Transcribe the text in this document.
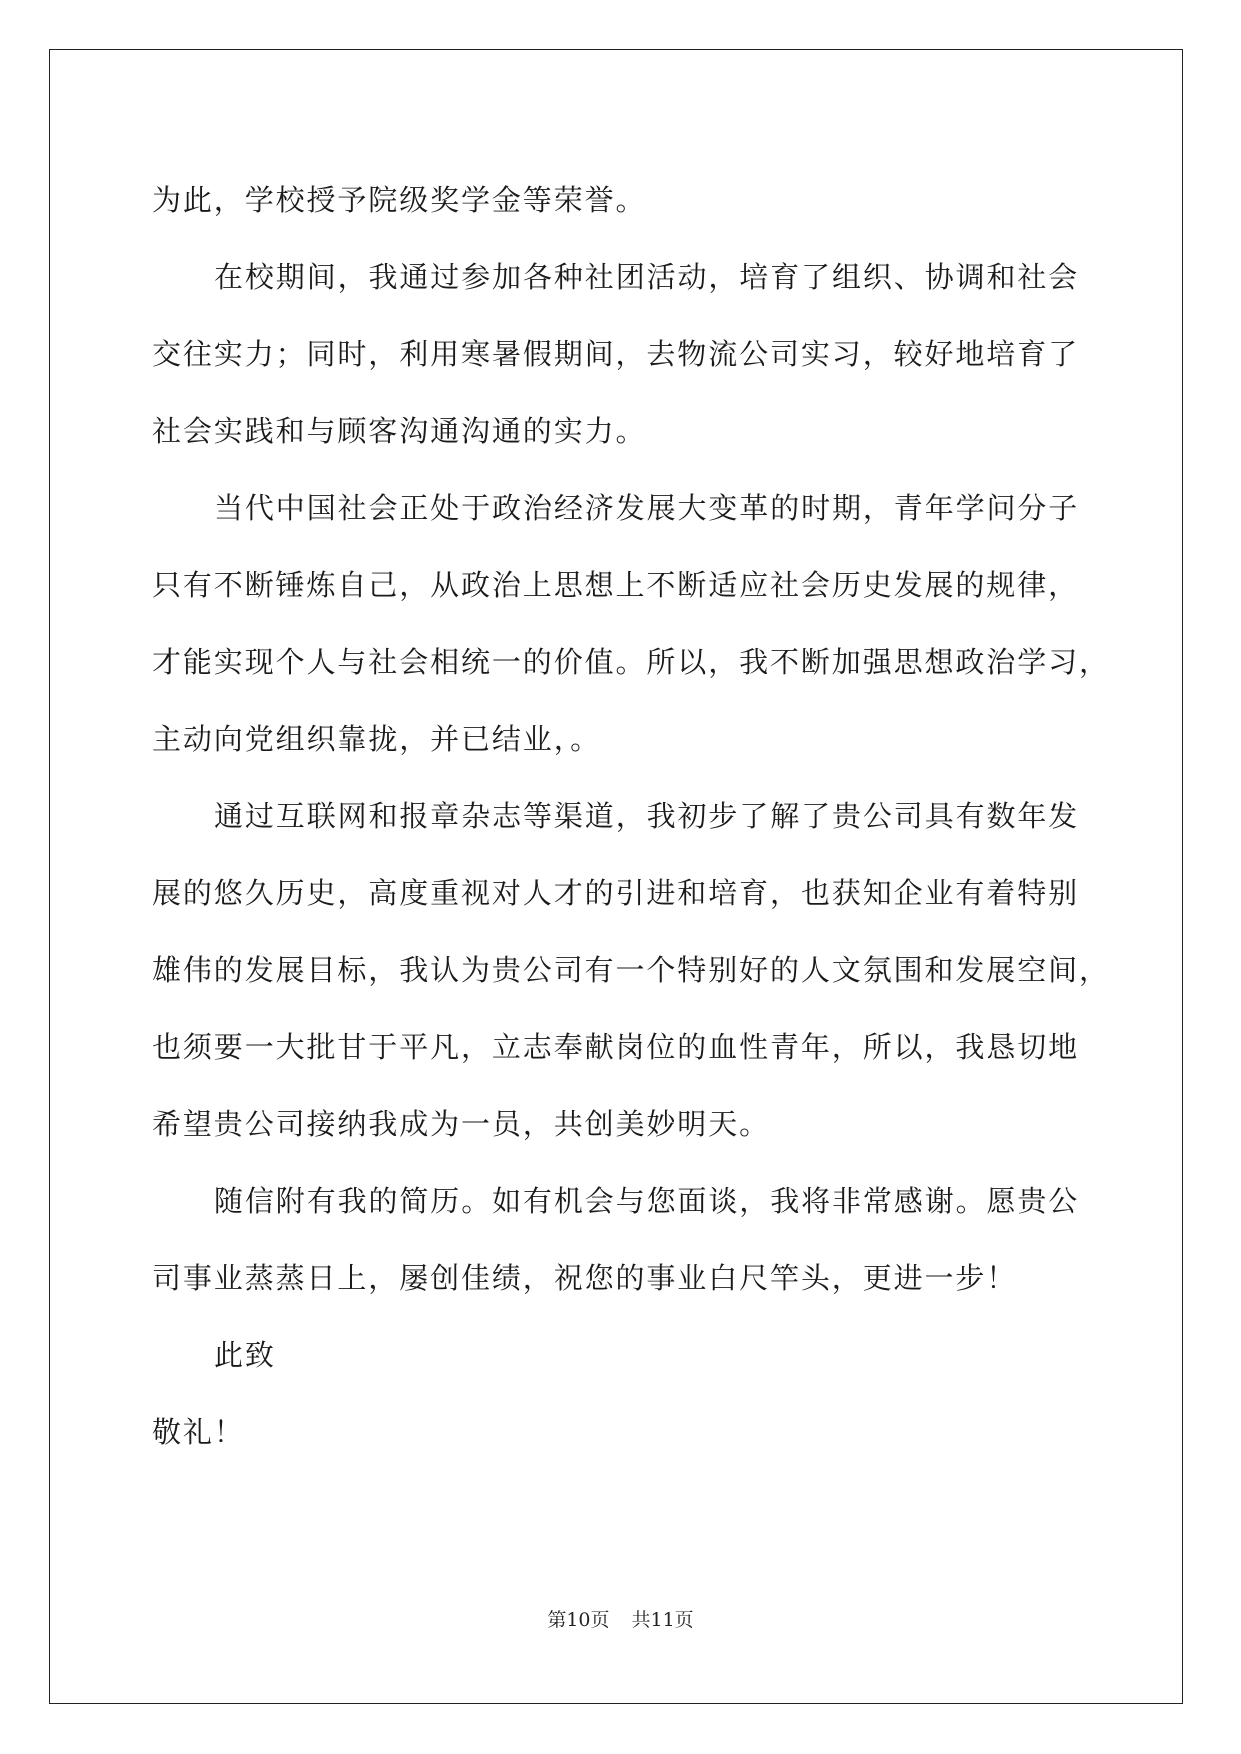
为此，学校授予院级奖学金等荣誉。
在校期间，我通过参加各种社团活动，培育了组织、协调和社会
交往实力；同时，利用寒暑假期间，去物流公司实习，较好地培育了
社会实践和与顾客沟通沟通的实力。
当代中国社会正处于政治经济发展大变革的时期，青年学问分子
只有不断锤炼自己，从政治上思想上不断适应社会历史发展的规律，
才能实现个人与社会相统一的价值。所以，我不断加强思想政治学习，
主动向党组织靠拢，并已结业，。
通过互联网和报章杂志等渠道，我初步了解了贵公司具有数年发
展的悠久历史，高度重视对人才的引进和培育，也获知企业有着特别
雄伟的发展目标，我认为贵公司有一个特别好的人文氛围和发展空间，
也须要一大批甘于平凡，立志奉献岗位的血性青年，所以，我恳切地
希望贵公司接纳我成为一员，共创美妙明天。
随信附有我的简历。如有机会与您面谈，我将非常感谢。愿贵公
司事业蒸蒸日上，屡创佳绩，祝您的事业白尺竿头，更进一步！
此致
敬礼！
第10页 共11页
